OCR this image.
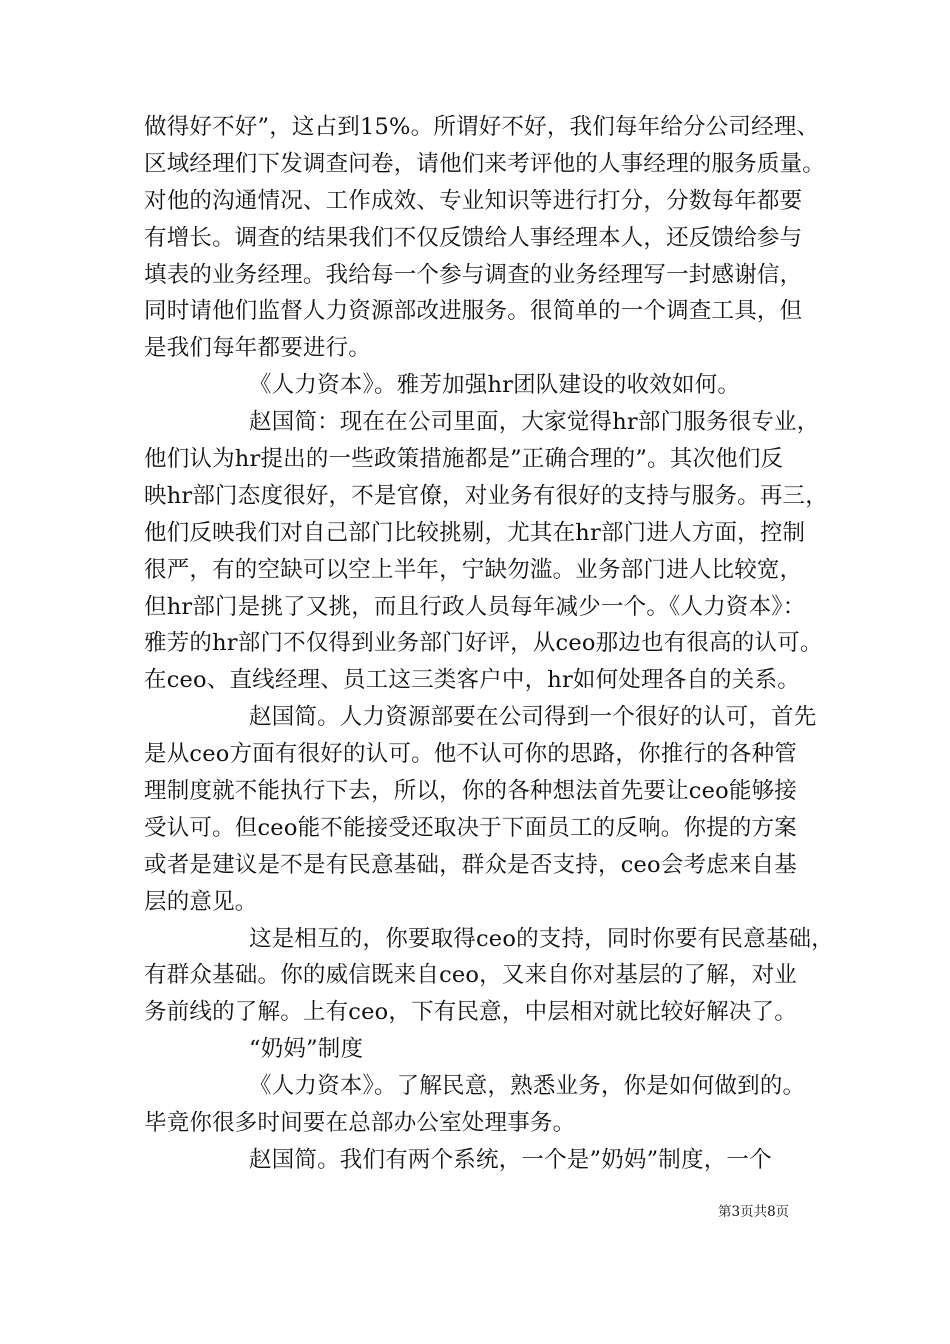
做得好不好”，这占到15%。所谓好不好，我们每年给分公司经理、
区域经理们下发调查问卷，请他们来考评他的人事经理的服务质量。
对他的沟通情况、工作成效、专业知识等进行打分，分数每年都要
有增长。调查的结果我们不仅反馈给人事经理本人，还反馈给参与
填表的业务经理。我给每一个参与调查的业务经理写一封感谢信，
同时请他们监督人力资源部改进服务。很简单的一个调查工具，但
是我们每年都要进行。
《人力资本》。雅芳加强hr团队建设的收效如何。
赵国简：现在在公司里面，大家觉得hr部门服务很专业，
他们认为hr提出的一些政策措施都是”正确合理的”。其次他们反
映hr部门态度很好，不是官僚，对业务有很好的支持与服务。再三，
他们反映我们对自己部门比较挑剔，尤其在hr部门进人方面，控制
很严，有的空缺可以空上半年，宁缺勿滥。业务部门进人比较宽，
但hr部门是挑了又挑，而且行政人员每年减少一个。《人力资本》：
雅芳的hr部门不仅得到业务部门好评，从ceo那边也有很高的认可。
在ceo、直线经理、员工这三类客户中，hr如何处理各自的关系。
赵国简。人力资源部要在公司得到一个很好的认可，首先
是从ceo方面有很好的认可。他不认可你的思路，你推行的各种管
理制度就不能执行下去，所以，你的各种想法首先要让ceo能够接
受认可。但ceo能不能接受还取决于下面员工的反响。你提的方案
或者是建议是不是有民意基础，群众是否支持，ceo会考虑来自基
层的意见。
这是相互的，你要取得ceo的支持，同时你要有民意基础，
有群众基础。你的威信既来自ceo，又来自你对基层的了解，对业
务前线的了解。上有ceo，下有民意，中层相对就比较好解决了。
“奶妈”制度
《人力资本》。了解民意，熟悉业务，你是如何做到的。
毕竟你很多时间要在总部办公室处理事务。
赵国简。我们有两个系统，一个是”奶妈”制度，一个
第3页共8页
